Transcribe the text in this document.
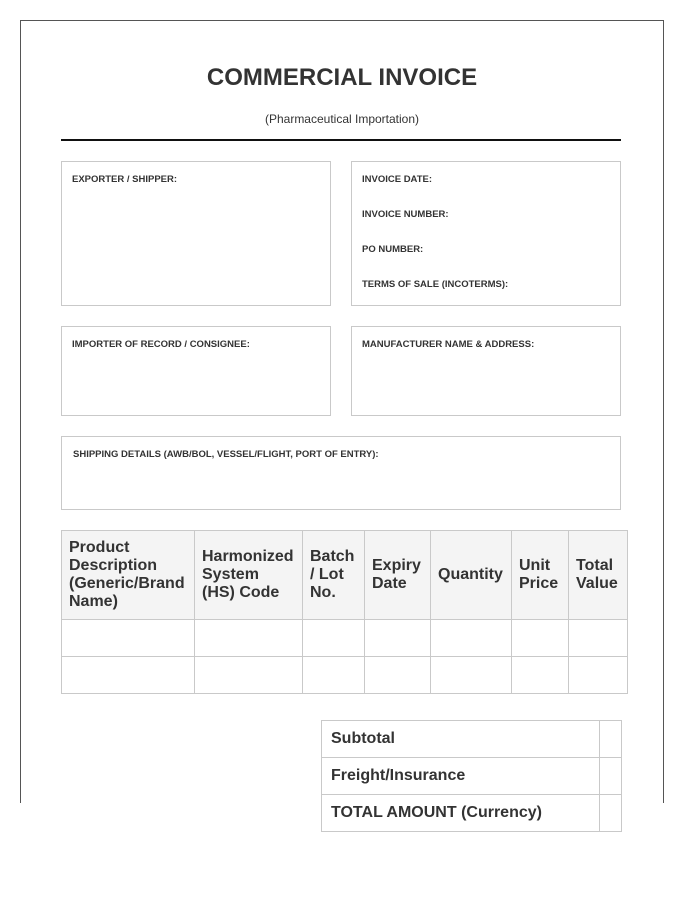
COMMERCIAL INVOICE
(Pharmaceutical Importation)
EXPORTER / SHIPPER:	INVOICE DATE:
INVOICE NUMBER:
PO NUMBER:
TERMS OF SALE (INCOTERMS):
IMPORTER OF RECORD / CONSIGNEE:	MANUFACTURER NAME & ADDRESS:
SHIPPING DETAILS (AWB/BOL, VESSEL/FLIGHT, PORT OF ENTRY):
Product Description (Generic/Brand Name)	Harmonized System (HS) Code	Batch / Lot No.	Expiry Date	Quantity	Unit Price	Total Value

Subtotal	
Freight/Insurance	
TOTAL AMOUNT (Currency)	
